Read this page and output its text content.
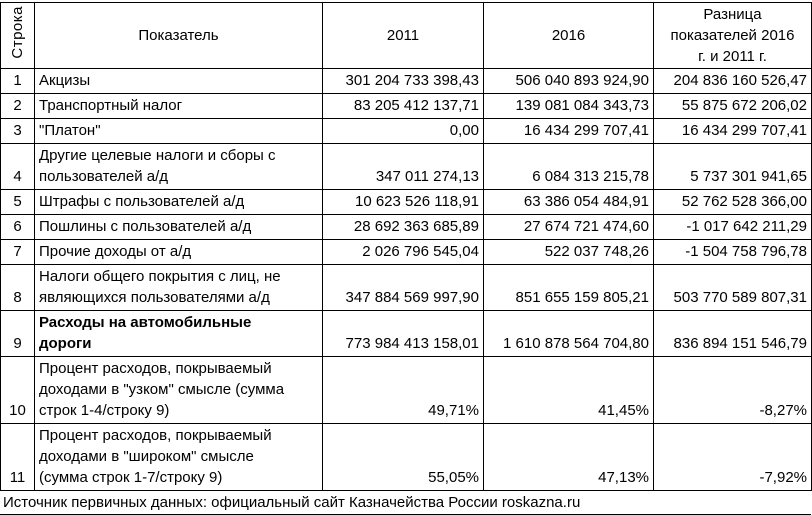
Строка	Показатель	2011	2016	Разница показателей 2016 г. и 2011 г.
1	Акцизы	301 204 733 398,43	506 040 893 924,90	204 836 160 526,47
2	Транспортный налог	83 205 412 137,71	139 081 084 343,73	55 875 672 206,02
3	"Платон"	0,00	16 434 299 707,41	16 434 299 707,41
4	Другие целевые налоги и сборы с пользователей а/д	347 011 274,13	6 084 313 215,78	5 737 301 941,65
5	Штрафы с пользователей а/д	10 623 526 118,91	63 386 054 484,91	52 762 528 366,00
6	Пошлины с пользователей а/д	28 692 363 685,89	27 674 721 474,60	-1 017 642 211,29
7	Прочие доходы от а/д	2 026 796 545,04	522 037 748,26	-1 504 758 796,78
8	Налоги общего покрытия с лиц, не являющихся пользователями а/д	347 884 569 997,90	851 655 159 805,21	503 770 589 807,31
9	Расходы на автомобильные дороги	773 984 413 158,01	1 610 878 564 704,80	836 894 151 546,79
10	Процент расходов, покрываемый доходами в "узком" смысле (сумма строк 1-4/строку 9)	49,71%	41,45%	-8,27%
11	Процент расходов, покрываемый доходами в "широком" смысле (сумма строк 1-7/строку 9)	55,05%	47,13%	-7,92%
Источник первичных данных: официальный сайт Казначейства России roskazna.ru
